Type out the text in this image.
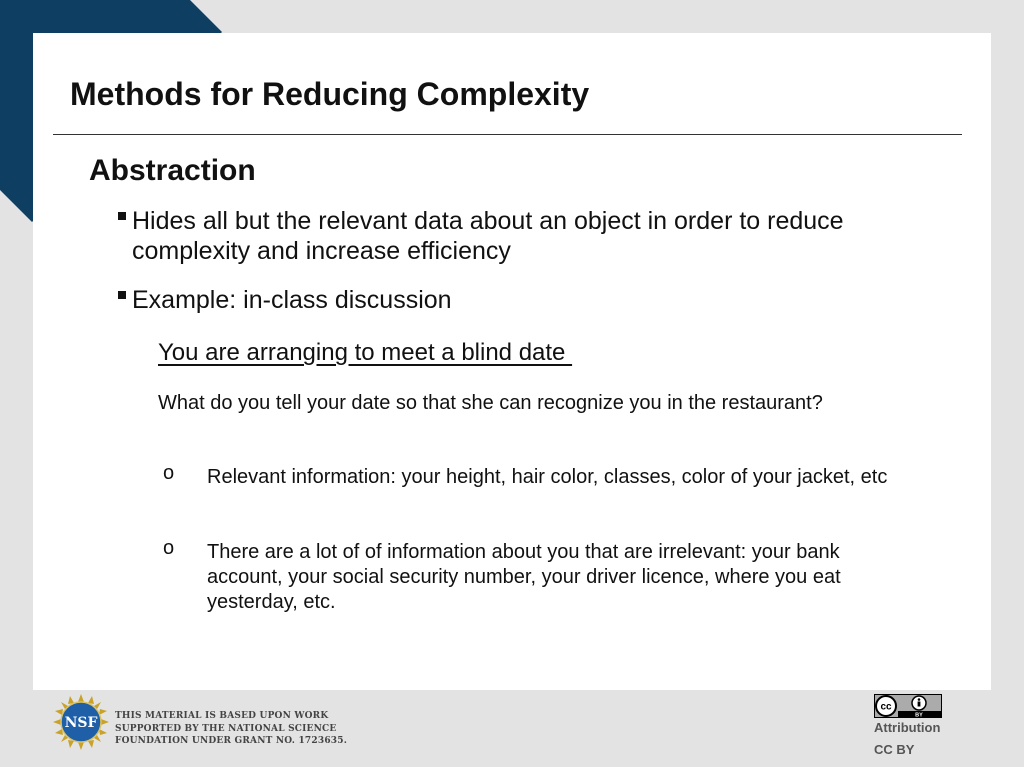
Methods for Reducing Complexity
Abstraction
Hides all but the relevant data about an object in order to reduce complexity and increase efficiency
Example: in-class discussion
You are arranging to meet a blind date
What do you tell your date so that she can recognize you in the restaurant?
o Relevant information: your height, hair color, classes, color of your jacket, etc
o There are a lot of of information about you that are irrelevant: your bank account, your social security number, your driver licence, where you eat yesterday, etc.
NSF THIS MATERIAL IS BASED UPON WORK
SUPPORTED BY THE NATIONAL SCIENCE
FOUNDATION UNDER GRANT NO. 1723635.
cc
BY
Attribution
CC BY
